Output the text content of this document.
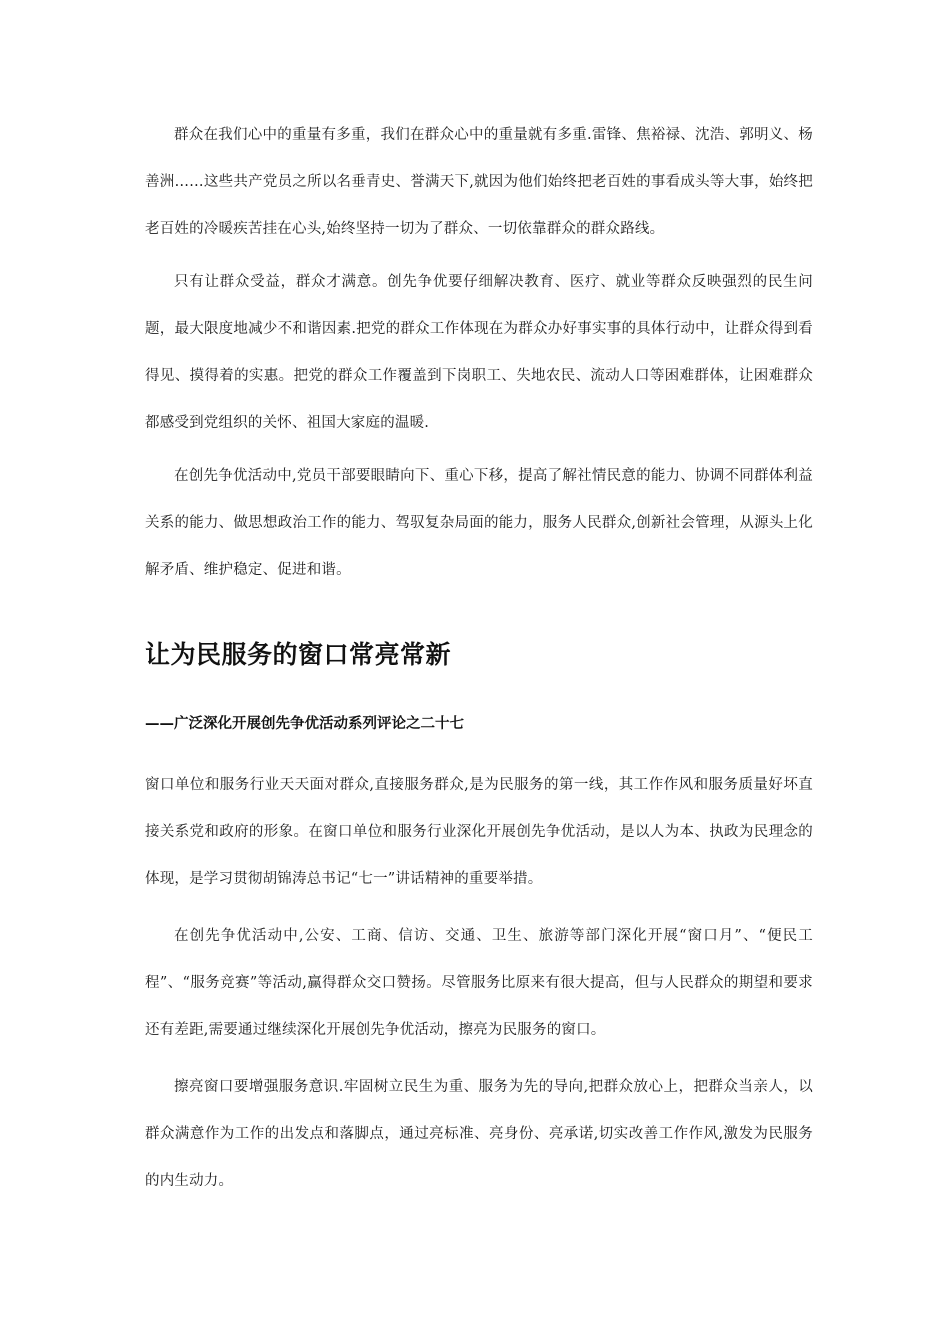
群众在我们心中的重量有多重，我们在群众心中的重量就有多重.雷锋、焦裕禄、沈浩、郭明义、杨善洲……这些共产党员之所以名垂青史、誉满天下,就因为他们始终把老百姓的事看成头等大事，始终把老百姓的冷暖疾苦挂在心头,始终坚持一切为了群众、一切依靠群众的群众路线。

只有让群众受益，群众才满意。创先争优要仔细解决教育、医疗、就业等群众反映强烈的民生问题，最大限度地减少不和谐因素.把党的群众工作体现在为群众办好事实事的具体行动中，让群众得到看得见、摸得着的实惠。把党的群众工作覆盖到下岗职工、失地农民、流动人口等困难群体，让困难群众都感受到党组织的关怀、祖国大家庭的温暖.

在创先争优活动中,党员干部要眼睛向下、重心下移，提高了解社情民意的能力、协调不同群体利益关系的能力、做思想政治工作的能力、驾驭复杂局面的能力，服务人民群众,创新社会管理，从源头上化解矛盾、维护稳定、促进和谐。

让为民服务的窗口常亮常新
——广泛深化开展创先争优活动系列评论之二十七

窗口单位和服务行业天天面对群众,直接服务群众,是为民服务的第一线，其工作作风和服务质量好坏直接关系党和政府的形象。在窗口单位和服务行业深化开展创先争优活动，是以人为本、执政为民理念的体现，是学习贯彻胡锦涛总书记“七一”讲话精神的重要举措。

在创先争优活动中,公安、工商、信访、交通、卫生、旅游等部门深化开展“窗口月”、“便民工程”、“服务竞赛”等活动,赢得群众交口赞扬。尽管服务比原来有很大提高，但与人民群众的期望和要求还有差距,需要通过继续深化开展创先争优活动，擦亮为民服务的窗口。

擦亮窗口要增强服务意识.牢固树立民生为重、服务为先的导向,把群众放心上，把群众当亲人，以群众满意作为工作的出发点和落脚点，通过亮标准、亮身份、亮承诺,切实改善工作作风,激发为民服务的内生动力。
